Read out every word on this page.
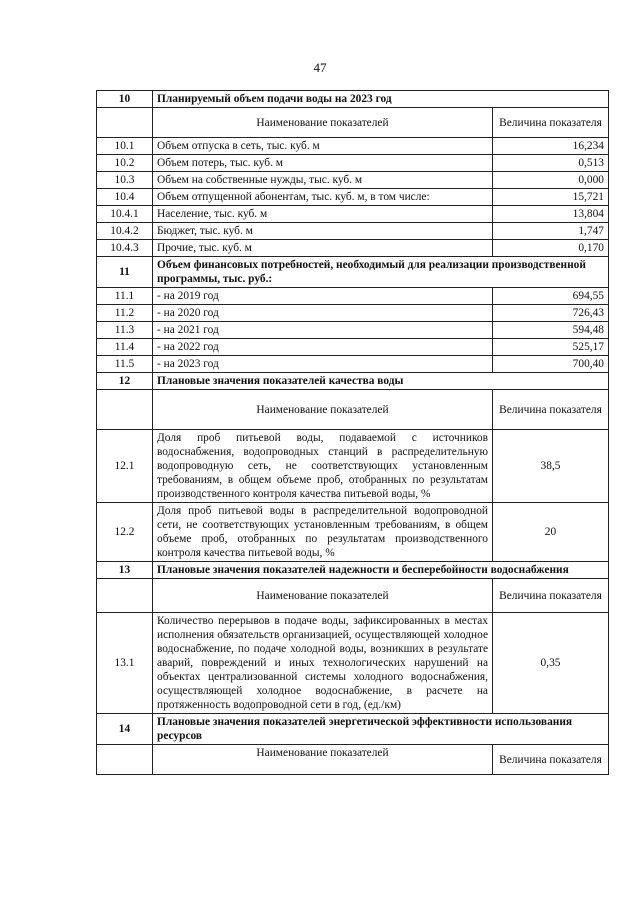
47
10	Планируемый объем подачи воды на 2023 год	
	Наименование показателей	Величина показателя
10.1	Объем отпуска в сеть, тыс. куб. м	16,234
10.2	Объем потерь, тыс. куб. м	0,513
10.3	Объем на собственные нужды, тыс. куб. м	0,000
10.4	Объем отпущенной абонентам, тыс. куб. м, в том числе:	15,721
10.4.1	Население, тыс. куб. м	13,804
10.4.2	Бюджет, тыс. куб. м	1,747
10.4.3	Прочие, тыс. куб. м	0,170
11	Объем финансовых потребностей, необходимый для реализации производственной программы, тыс. руб.:	
11.1	- на 2019 год	694,55
11.2	- на 2020 год	726,43
11.3	- на 2021 год	594,48
11.4	- на 2022 год	525,17
11.5	- на 2023 год	700,40
12	Плановые значения показателей качества воды	
	Наименование показателей	Величина показателя
12.1	Доля проб питьевой воды, подаваемой с источников водоснабжения, водопроводных станций в распределительную водопроводную сеть, не соответствующих установленным требованиям, в общем объеме проб, отобранных по результатам производственного контроля качества питьевой воды, %	38,5
12.2	Доля проб питьевой воды в распределительной водопроводной сети, не соответствующих установленным требованиям, в общем объеме проб, отобранных по результатам производственного контроля качества питьевой воды, %	20
13	Плановые значения показателей надежности и бесперебойности водоснабжения	
	Наименование показателей	Величина показателя
13.1	Количество перерывов в подаче воды, зафиксированных в местах исполнения обязательств организацией, осуществляющей холодное водоснабжение, по подаче холодной воды, возникших в результате аварий, повреждений и иных технологических нарушений на объектах централизованной системы холодного водоснабжения, осуществляющей холодное водоснабжение, в расчете на протяженность водопроводной сети в год, (ед./км)	0,35
14	Плановые значения показателей энергетической эффективности использования ресурсов	
	Наименование показателей	Величина показателя
